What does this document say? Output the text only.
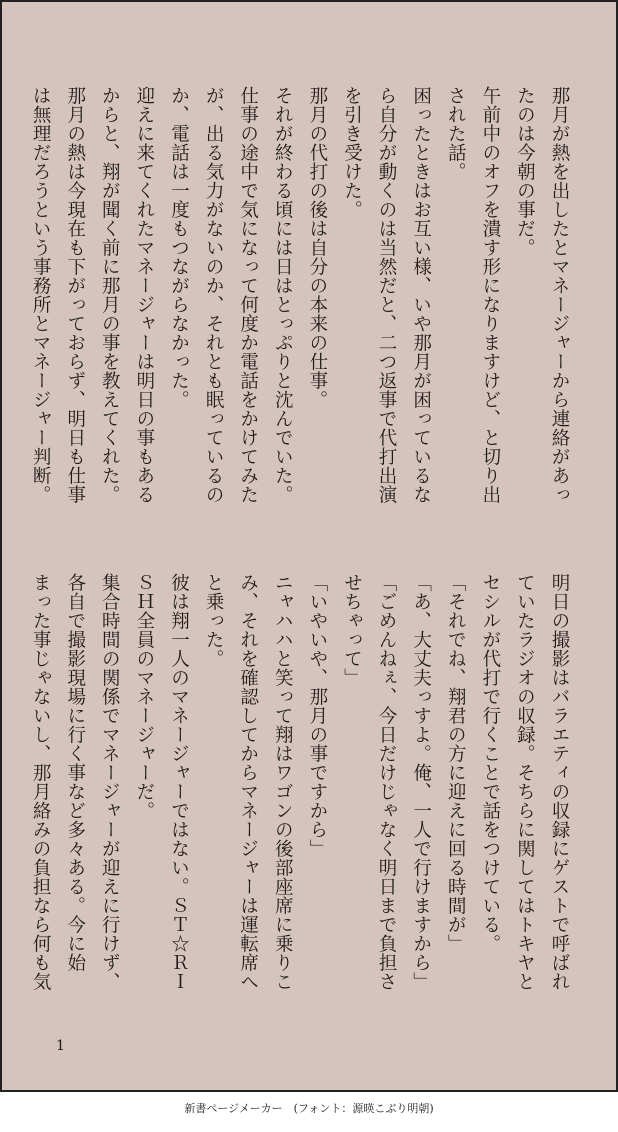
那月が熱を出したとマネージャーから連絡があっ
たのは今朝の事だ。
午前中のオフを潰す形になりますけど、と切り出
された話。
困ったときはお互い様、いや那月が困っているな
ら自分が動くのは当然だと、二つ返事で代打出演
を引き受けた。
那月の代打の後は自分の本来の仕事。
それが終わる頃には日はとっぷりと沈んでいた。
仕事の途中で気になって何度か電話をかけてみた
が、出る気力がないのか、それとも眠っているの
か、電話は一度もつながらなかった。
迎えに来てくれたマネージャーは明日の事もある
からと、翔が聞く前に那月の事を教えてくれた。
那月の熱は今現在も下がっておらず、明日も仕事
は無理だろうという事務所とマネージャー判断。
明日の撮影はバラエティの収録にゲストで呼ばれ
ていたラジオの収録。そちらに関してはトキヤと
セシルが代打で行くことで話をつけている。
「それでね、翔君の方に迎えに回る時間が」
「あ、大丈夫っすよ。俺、一人で行けますから」
「ごめんねぇ、今日だけじゃなく明日まで負担さ
せちゃって」
「いやいや、那月の事ですから」
ニャハハと笑って翔はワゴンの後部座席に乗りこ
み、それを確認してからマネージャーは運転席へ
と乗った。
彼は翔一人のマネージャーではない。ＳＴ☆ＲＩ
ＳＨ全員のマネージャーだ。
集合時間の関係でマネージャーが迎えに行けず、
各自で撮影現場に行く事など多々ある。今に始
まった事じゃないし、那月絡みの負担なら何も気
1
新書ページメーカー　(フォント：源暎こぶり明朝)
